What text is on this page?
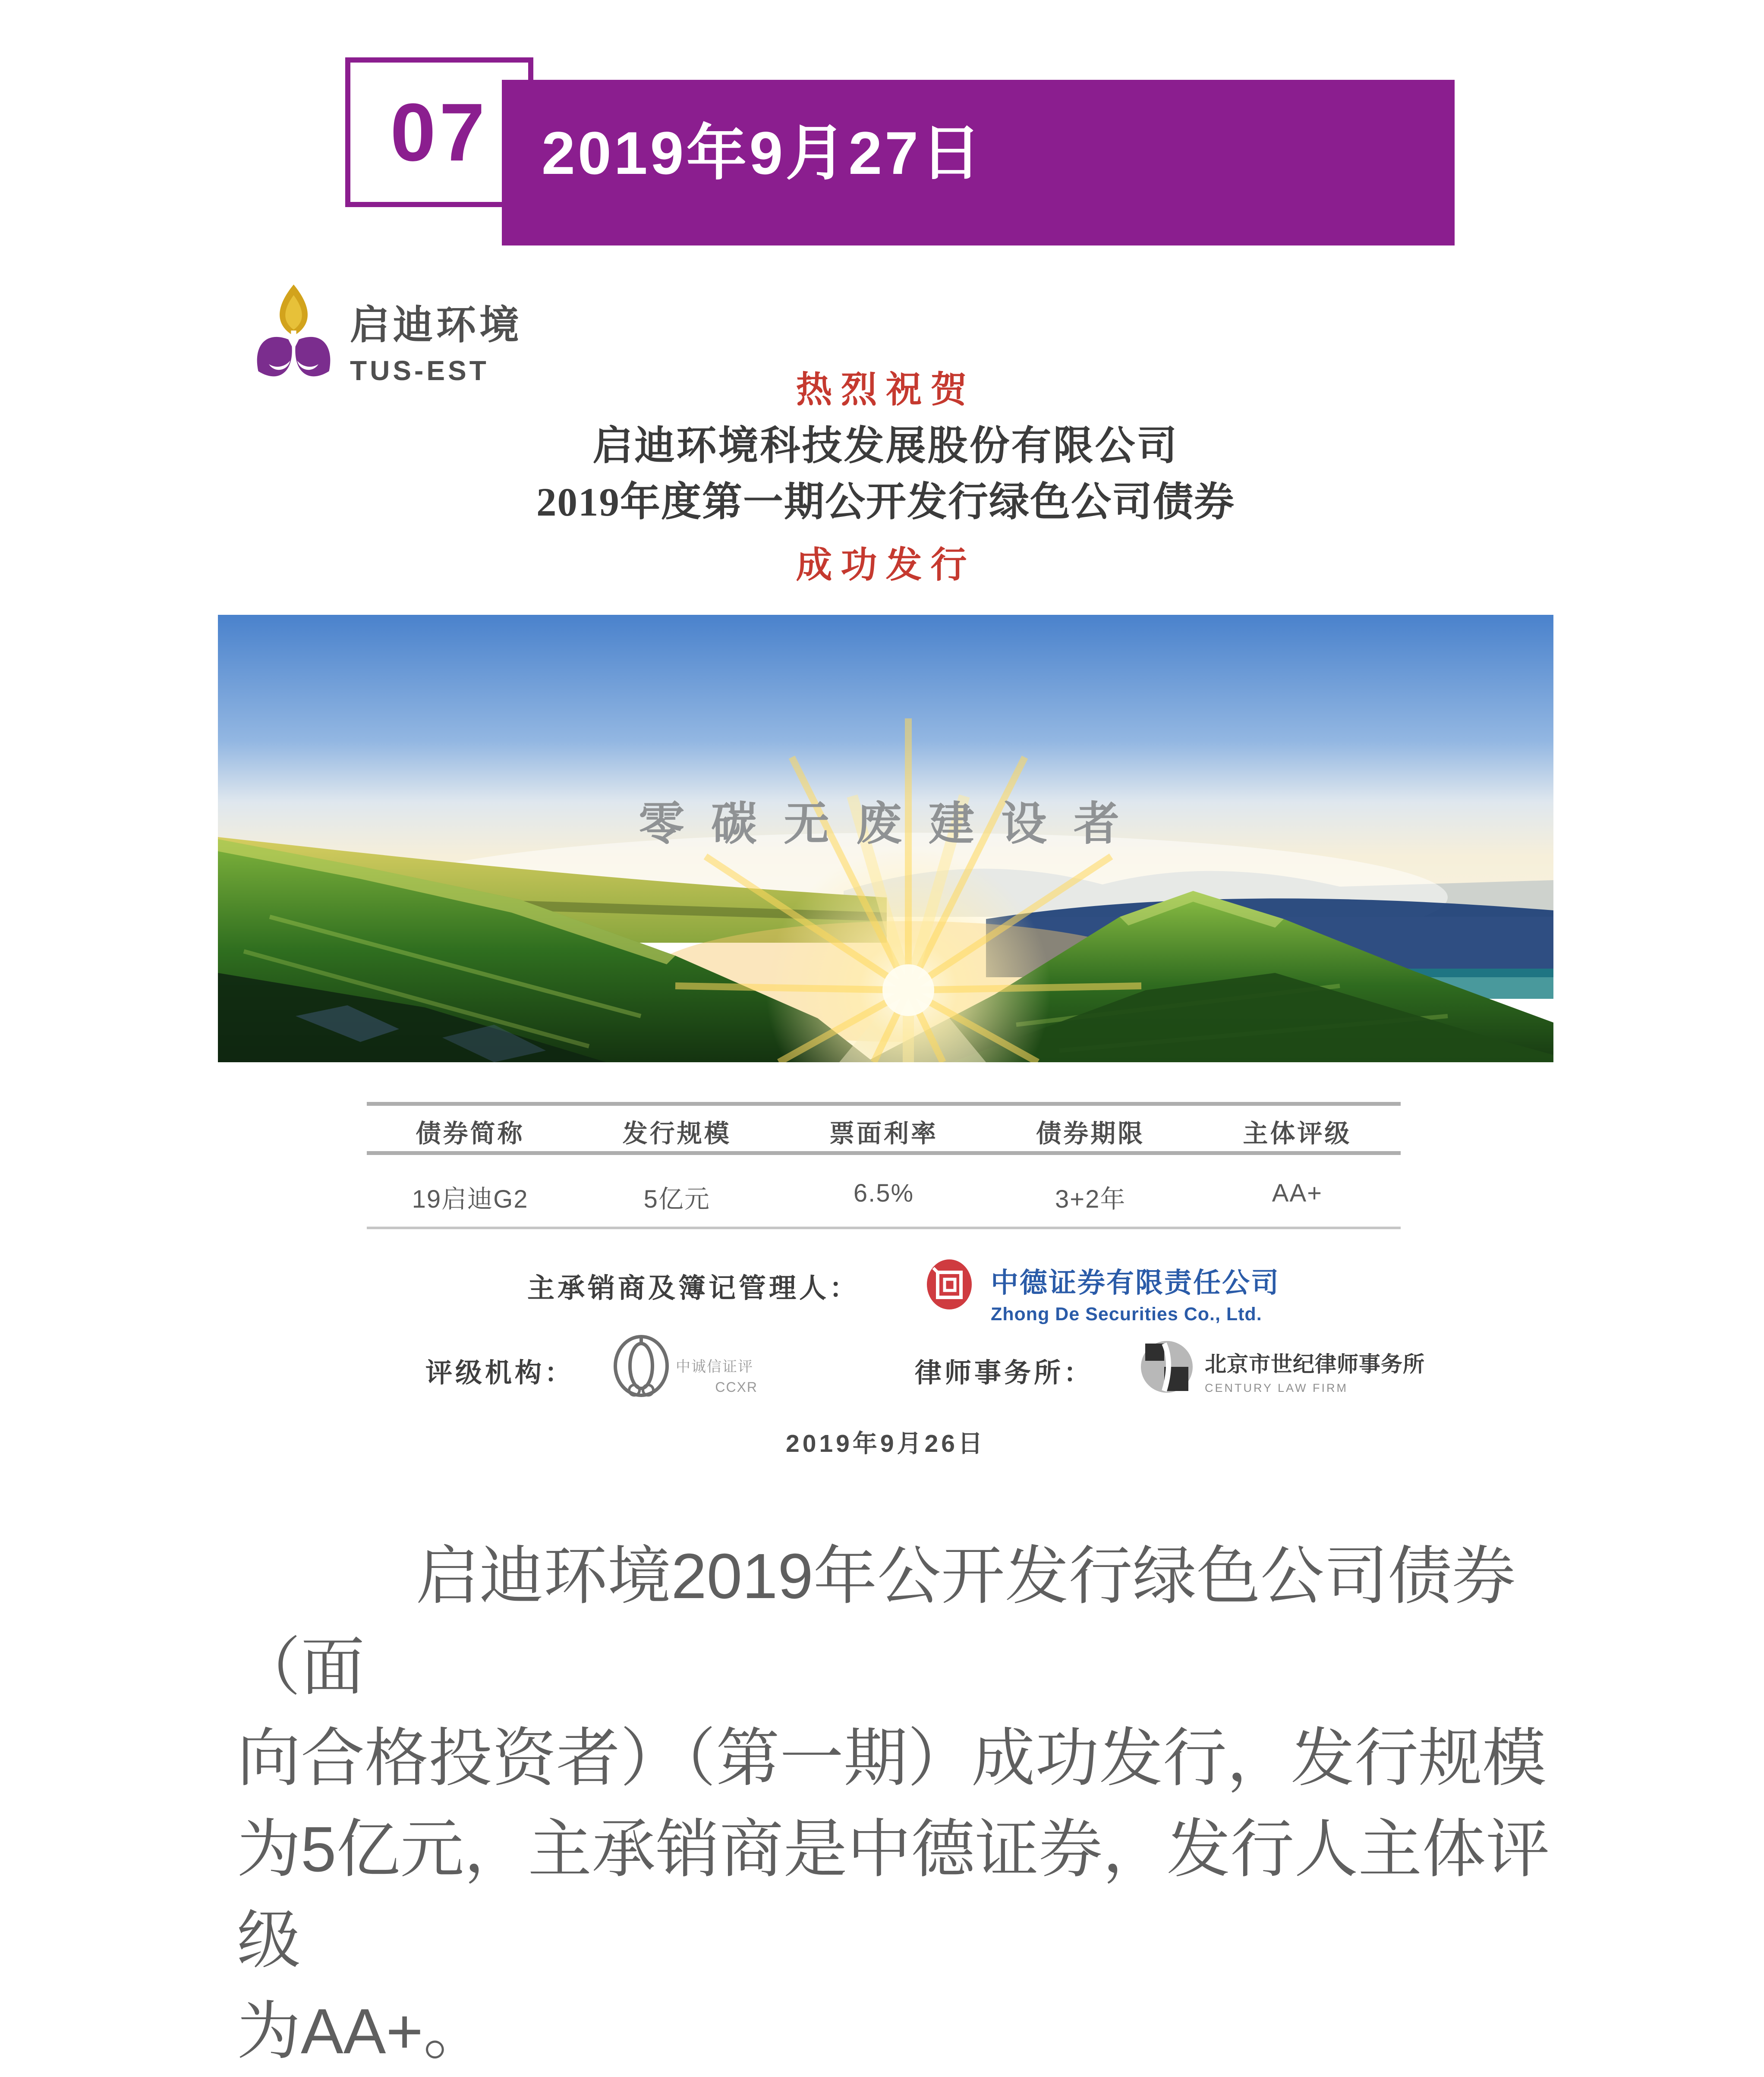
07 2019年9月27日
启迪环境
TUS-EST	热烈祝贺
启迪环境科技发展股份有限公司
2019年度第一期公开发行绿色公司债券
成功发行
零碳无废建设者
债券简称	发行规模	票面利率	债券期限	主体评级
19启迪G2	5亿元	6.5%	3+2年	AA+
主承销商及簿记管理人：	中德证券有限责任公司
Zhong De Securities Co., Ltd.
评级机构：	中诚信证评
CCXR	律师事务所：	北京市世纪律师事务所
CENTURY LAW FIRM
2019年9月26日
启迪环境2019年公开发行绿色公司债券（面
向合格投资者）（第一期）成功发行，发行规模
为5亿元，主承销商是中德证券，发行人主体评级
为AA+。
